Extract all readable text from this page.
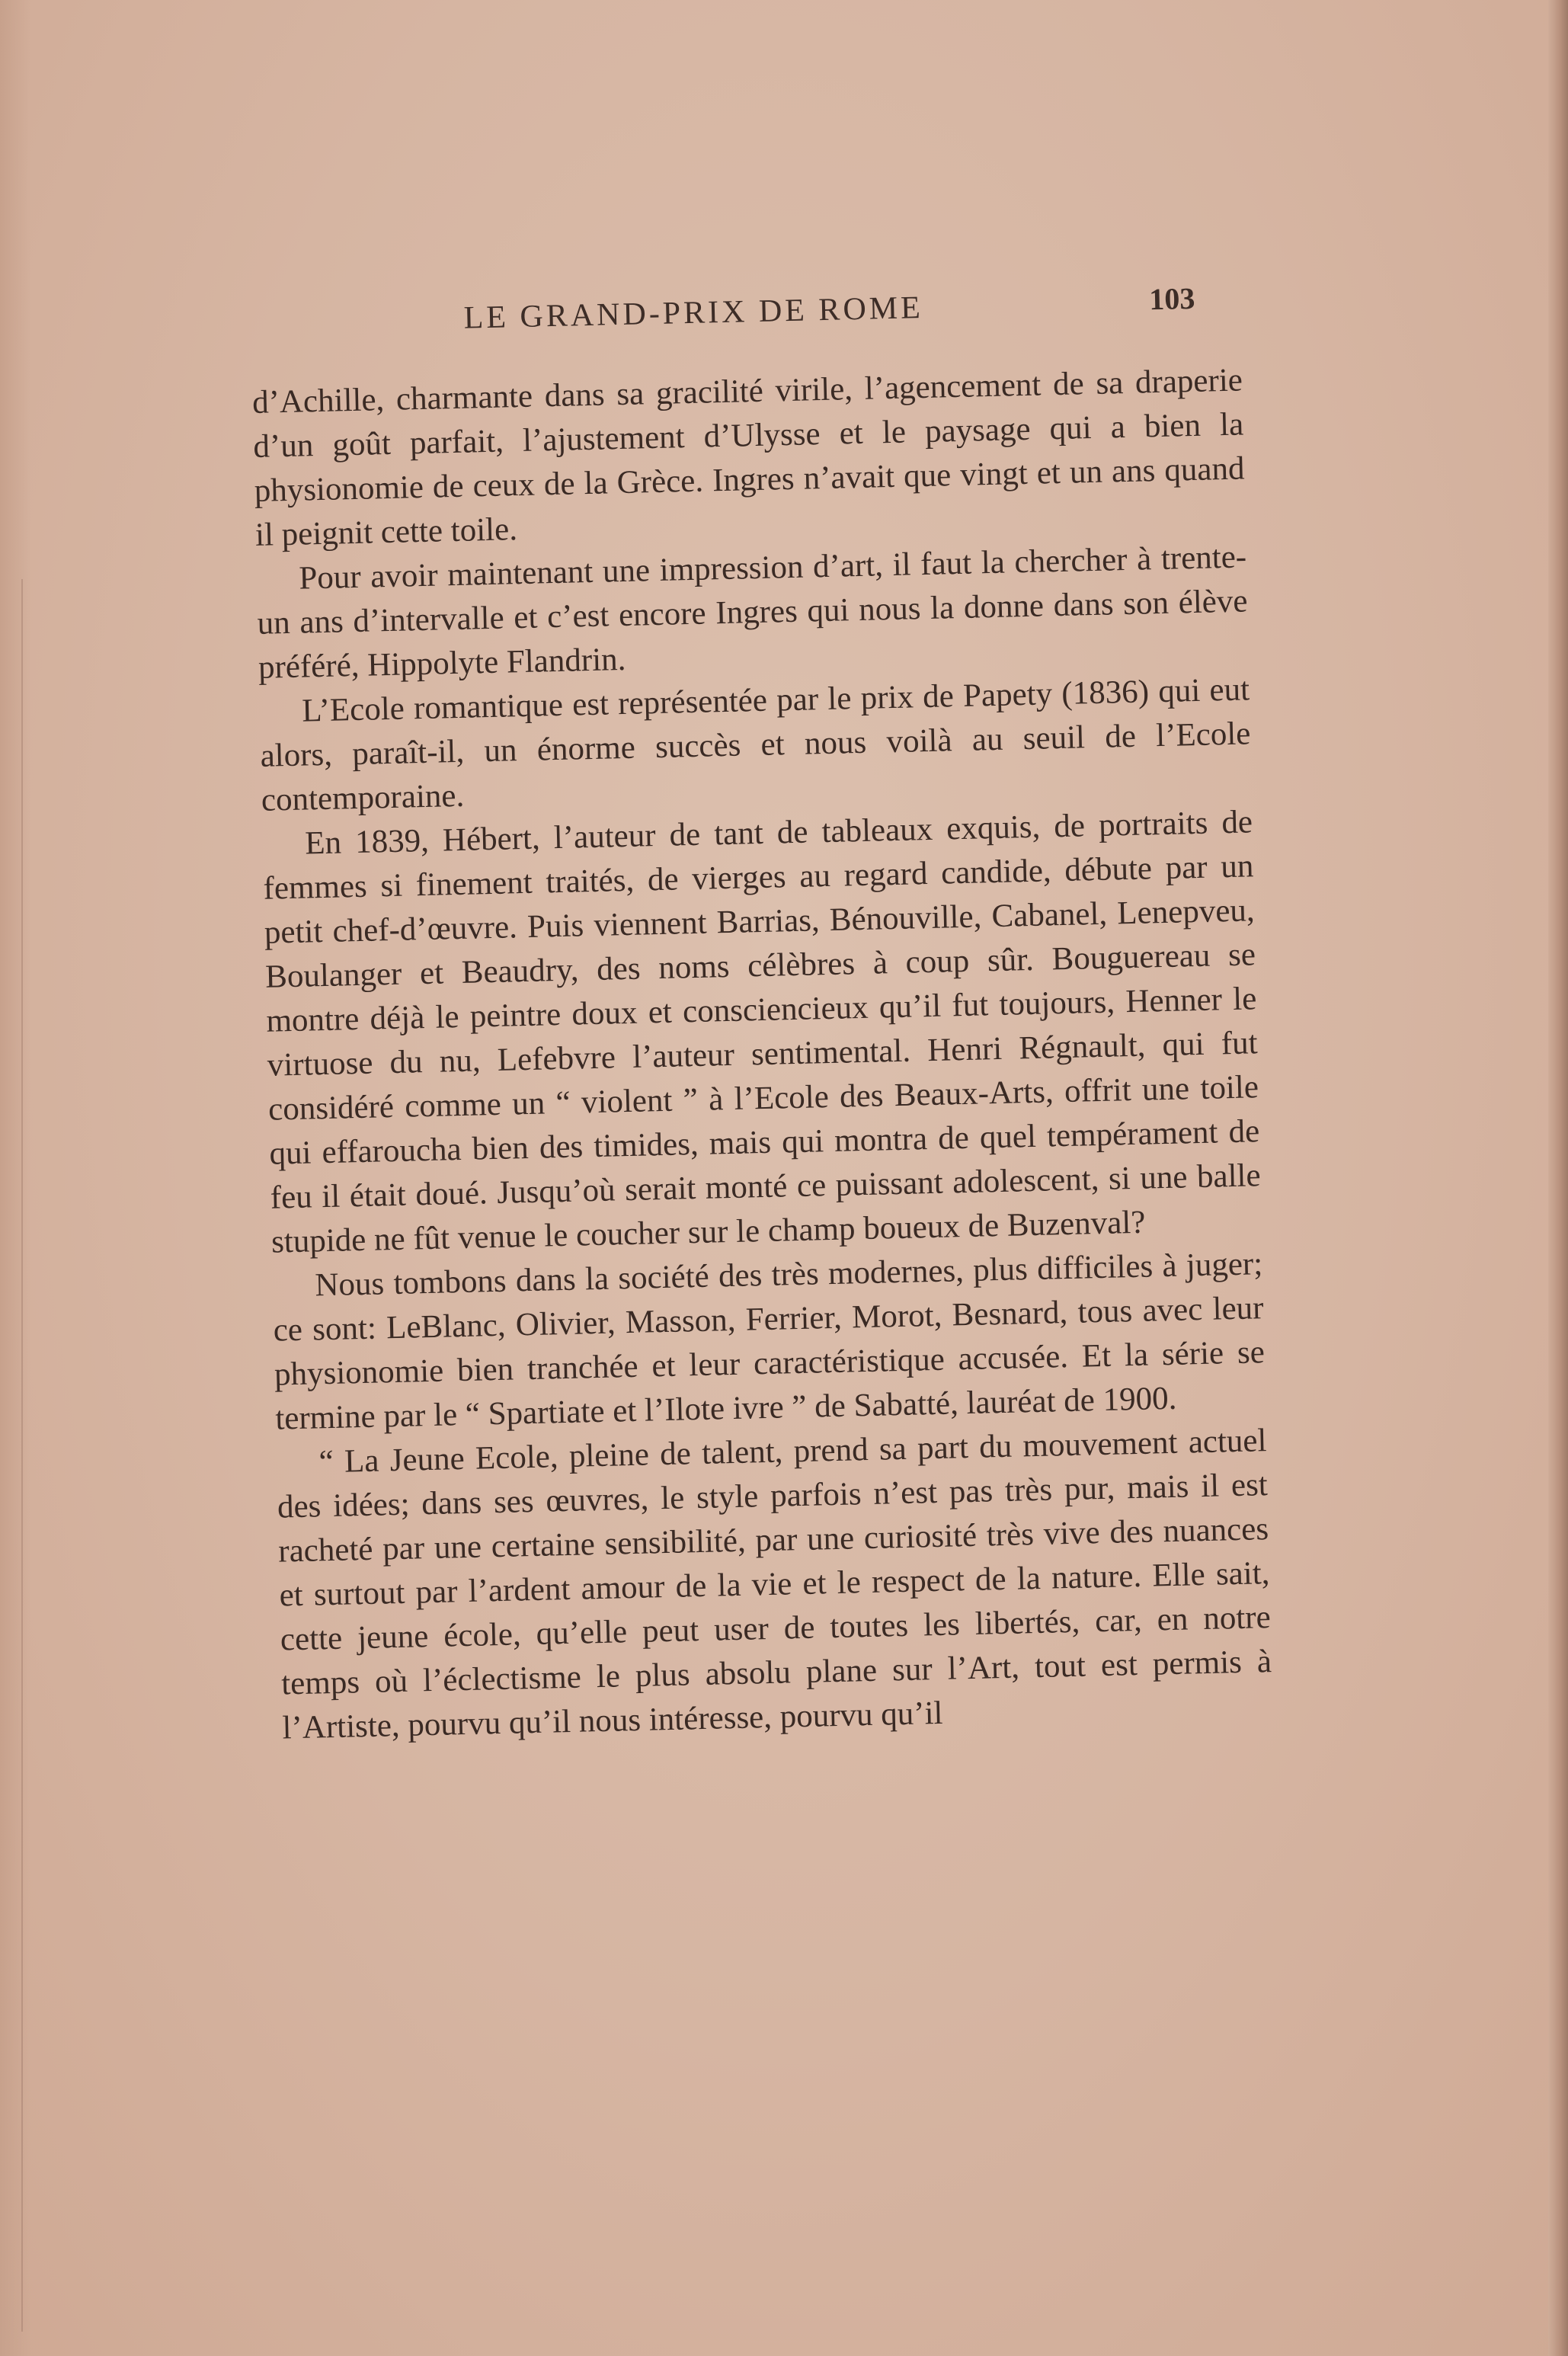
LE GRAND-PRIX DE ROME	103

d’Achille, charmante dans sa gracilité virile, l’agencement de sa draperie d’un goût parfait, l’ajustement d’Ulysse et le paysage qui a bien la physionomie de ceux de la Grèce. Ingres n’avait que vingt et un ans quand il peignit cette toile.

Pour avoir maintenant une impression d’art, il faut la chercher à trente-un ans d’intervalle et c’est encore Ingres qui nous la donne dans son élève préféré, Hippolyte Flandrin.

L’Ecole romantique est représentée par le prix de Papety (1836) qui eut alors, paraît-il, un énorme succès et nous voilà au seuil de l’Ecole contemporaine.

En 1839, Hébert, l’auteur de tant de tableaux exquis, de portraits de femmes si finement traités, de vierges au regard candide, débute par un petit chef-d’œuvre. Puis viennent Barrias, Bénouville, Cabanel, Lenepveu, Boulanger et Beaudry, des noms célèbres à coup sûr. Bouguereau se montre déjà le peintre doux et consciencieux qu’il fut toujours, Henner le virtuose du nu, Lefebvre l’auteur sentimental. Henri Régnault, qui fut considéré comme un “ violent ” à l’Ecole des Beaux-Arts, offrit une toile qui effaroucha bien des timides, mais qui montra de quel tempérament de feu il était doué. Jusqu’où serait monté ce puissant adolescent, si une balle stupide ne fût venue le coucher sur le champ boueux de Buzenval?

Nous tombons dans la société des très modernes, plus difficiles à juger; ce sont: LeBlanc, Olivier, Masson, Ferrier, Morot, Besnard, tous avec leur physionomie bien tranchée et leur caractéristique accusée. Et la série se termine par le “ Spartiate et l’Ilote ivre ” de Sabatté, lauréat de 1900.

“ La Jeune Ecole, pleine de talent, prend sa part du mouvement actuel des idées; dans ses œuvres, le style parfois n’est pas très pur, mais il est racheté par une certaine sensibilité, par une curiosité très vive des nuances et surtout par l’ardent amour de la vie et le respect de la nature. Elle sait, cette jeune école, qu’elle peut user de toutes les libertés, car, en notre temps où l’éclectisme le plus absolu plane sur l’Art, tout est permis à l’Artiste, pourvu qu’il nous intéresse, pourvu qu’il
